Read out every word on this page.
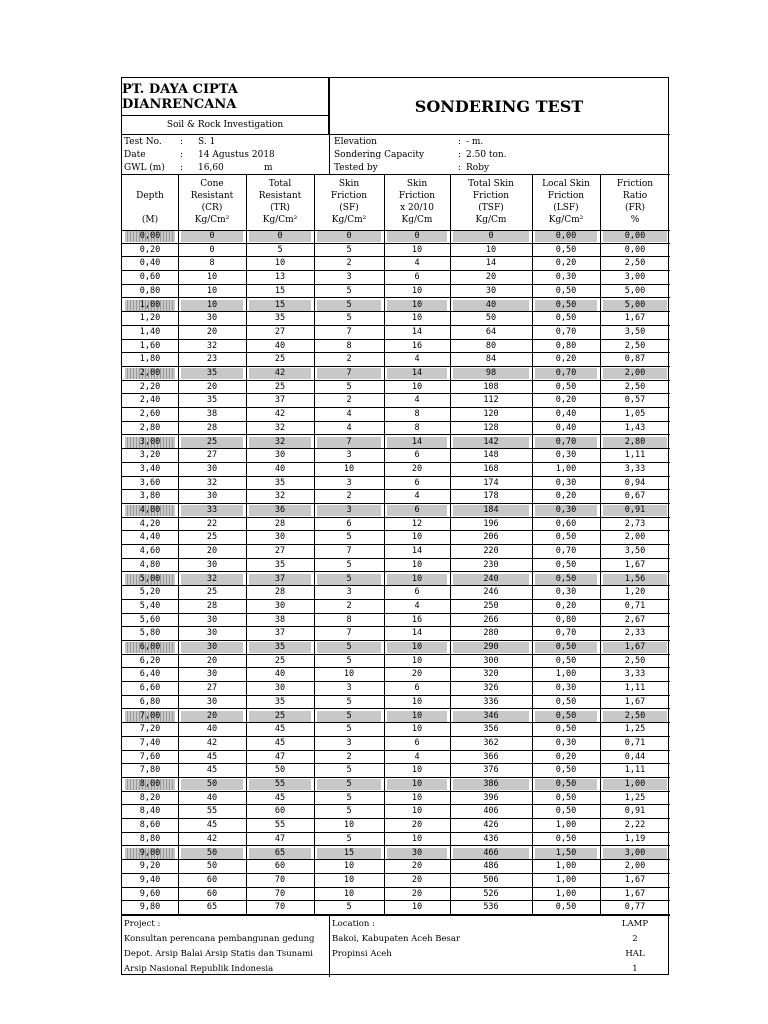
PT. DAYA CIPTA DIANRENCANA
Soil & Rock Investigation
SONDERING TEST
Test No. : S. 1
Date	: 14 Agustus 2018
GWL (m) : 16,60	m
Elevation	: - m.
Sondering Capacity	: 2.50 ton.
Tested by	: Roby
Depth
(M)
Cone
Resistant
(CR)
Kg/Cm²
Total
Resistant
(TR)
Kg/Cm²
Skin
Friction
(SF)
Kg/Cm²
Skin
Friction
x 20/10
Kg/Cm
Total Skin
Friction
(TSF)
Kg/Cm
Local Skin
Friction
(LSF)
Kg/Cm²
Friction
Ratio
(FR)
%
0,00	0	0	0	0	0	0,00	0,00
0,20	0	5	5	10	10	0,50	0,00
0,40	8	10	2	4	14	0,20	2,50
0,60	10	13	3	6	20	0,30	3,00
0,80	10	15	5	10	30	0,50	5,00
1,00	10	15	5	10	40	0,50	5,00
1,20	30	35	5	10	50	0,50	1,67
1,40	20	27	7	14	64	0,70	3,50
1,60	32	40	8	16	80	0,80	2,50
1,80	23	25	2	4	84	0,20	0,87
2,00	35	42	7	14	98	0,70	2,00
2,20	20	25	5	10	108	0,50	2,50
2,40	35	37	2	4	112	0,20	0,57
2,60	38	42	4	8	120	0,40	1,05
2,80	28	32	4	8	128	0,40	1,43
3,00	25	32	7	14	142	0,70	2,80
3,20	27	30	3	6	148	0,30	1,11
3,40	30	40	10	20	168	1,00	3,33
3,60	32	35	3	6	174	0,30	0,94
3,80	30	32	2	4	178	0,20	0,67
4,00	33	36	3	6	184	0,30	0,91
4,20	22	28	6	12	196	0,60	2,73
4,40	25	30	5	10	206	0,50	2,00
4,60	20	27	7	14	220	0,70	3,50
4,80	30	35	5	10	230	0,50	1,67
5,00	32	37	5	10	240	0,50	1,56
5,20	25	28	3	6	246	0,30	1,20
5,40	28	30	2	4	250	0,20	0,71
5,60	30	38	8	16	266	0,80	2,67
5,80	30	37	7	14	280	0,70	2,33
6,00	30	35	5	10	290	0,50	1,67
6,20	20	25	5	10	300	0,50	2,50
6,40	30	40	10	20	320	1,00	3,33
6,60	27	30	3	6	326	0,30	1,11
6,80	30	35	5	10	336	0,50	1,67
7,00	20	25	5	10	346	0,50	2,50
7,20	40	45	5	10	356	0,50	1,25
7,40	42	45	3	6	362	0,30	0,71
7,60	45	47	2	4	366	0,20	0,44
7,80	45	50	5	10	376	0,50	1,11
8,00	50	55	5	10	386	0,50	1,00
8,20	40	45	5	10	396	0,50	1,25
8,40	55	60	5	10	406	0,50	0,91
8,60	45	55	10	20	426	1,00	2,22
8,80	42	47	5	10	436	0,50	1,19
9,00	50	65	15	30	466	1,50	3,00
9,20	50	60	10	20	486	1,00	2,00
9,40	60	70	10	20	506	1,00	1,67
9,60	60	70	10	20	526	1,00	1,67
9,80	65	70	5	10	536	0,50	0,77
Project :
Konsultan perencana pembangunan gedung
Depot. Arsip Balai Arsip Statis dan Tsunami
Arsip Nasional Republik Indonesia
Location :
Bakoi, Kabupaten Aceh Besar
Propinsi Aceh
LAMP
2
HAL
1
